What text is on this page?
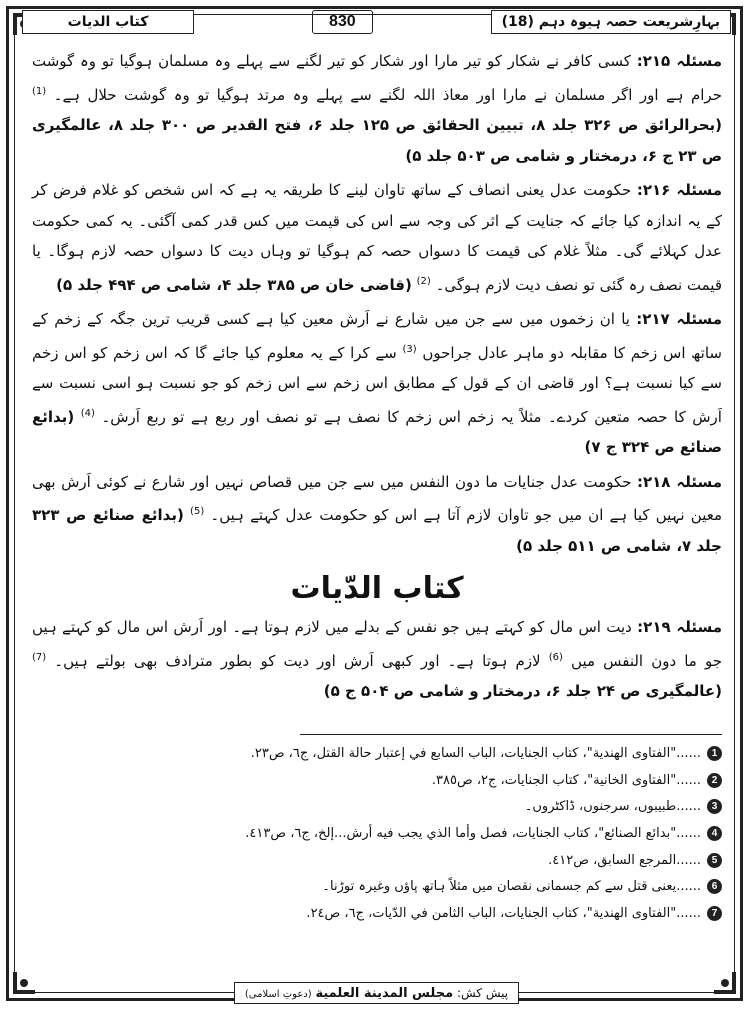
بہارِشریعت حصہ ہیوہ دہم (18)
830
کتاب الدیات

مسئلہ ۲۱۵: کسی کافر نے شکار کو تیر مارا اور شکار کو تیر لگنے سے پہلے وہ مسلمان ہوگیا تو وہ گوشت حرام ہے اور اگر مسلمان نے مارا اور معاذ اللہ لگنے سے پہلے وہ مرتد ہوگیا تو وہ گوشت حلال ہے۔ $^{(1)}$ (بحرالرائق ص ۳۲۶ جلد ۸، تبیین الحقائق ص ۱۲۵ جلد ۶، فتح القدیر ص ۳۰۰ جلد ۸، عالمگیری ص ۲۳ ج ۶، درمختار و شامی ص ۵۰۳ جلد ۵)

مسئلہ ۲۱۶: حکومت عدل یعنی انصاف کے ساتھ تاوان لینے کا طریقہ یہ ہے کہ اس شخص کو غلام فرض کر کے یہ اندازہ کیا جائے کہ جنایت کے اثر کی وجہ سے اس کی قیمت میں کس قدر کمی آگئی۔ یہ کمی حکومت عدل کہلائے گی۔ مثلاً غلام کی قیمت کا دسواں حصہ کم ہوگیا تو وہاں دیت کا دسواں حصہ لازم ہوگا۔ یا قیمت نصف رہ گئی تو نصف دیت لازم ہوگی۔ $^{(2)}$ (قاضی خان ص ۳۸۵ جلد ۴، شامی ص ۴۹۴ جلد ۵)

مسئلہ ۲۱۷: یا ان زخموں میں سے جن میں شارع نے اَرش معین کیا ہے کسی قریب ترین جگہ کے زخم کے ساتھ اس زخم کا مقابلہ دو ماہر عادل جراحوں $^{(3)}$ سے کرا کے یہ معلوم کیا جائے گا کہ اس زخم کو اس زخم سے کیا نسبت ہے؟ اور قاضی ان کے قول کے مطابق اس زخم سے اس زخم کو جو نسبت ہو اسی نسبت سے اَرش کا حصہ متعین کردے۔ مثلاً یہ زخم اس زخم کا نصف ہے تو نصف اور ربع ہے تو ربع اَرش۔ $^{(4)}$ (بدائع صنائع ص ۳۲۴ ج ۷)

مسئلہ ۲۱۸: حکومت عدل جنایات ما دون النفس میں سے جن میں قصاص نہیں اور شارع نے کوئی اَرش بھی معین نہیں کیا ہے ان میں جو تاوان لازم آتا ہے اس کو حکومت عدل کہتے ہیں۔ $^{(5)}$ (بدائع صنائع ص ۳۲۳ جلد ۷، شامی ص ۵۱۱ جلد ۵)

کتاب الدّیات

مسئلہ ۲۱۹: دیت اس مال کو کہتے ہیں جو نفس کے بدلے میں لازم ہوتا ہے۔ اور اَرش اس مال کو کہتے ہیں جو ما دون النفس میں $^{(6)}$ لازم ہوتا ہے۔ اور کبھی اَرش اور دیت کو بطور مترادف بھی بولتے ہیں۔ $^{(7)}$ (عالمگیری ص ۲۴ جلد ۶، درمختار و شامی ص ۵۰۴ ج ۵)

1
......"الفتاوی الهندیة"، کتاب الجنایات، الباب السابع في إعتبار حالة القتل، ج٦، ص٢٣.
2
......"الفتاوی الخانیة"، کتاب الجنایات، ج٢، ص٣٨٥.
3
......طبیبوں، سرجنوں، ڈاکٹروں۔
4
......"بدائع الصنائع"، کتاب الجنایات، فصل وأما الذي یجب فیه أرش...إلخ، ج٦، ص٤١٣.
5
......المرجع السابق، ص٤١٢.
6
......یعنی قتل سے کم جسمانی نقصان میں مثلاً ہاتھ پاؤں وغیرہ توڑنا۔
7
......"الفتاوی الهندیة"، کتاب الجنایات، الباب الثامن في الدّیات، ج٦، ص٢٤.
پیش کش: مجلس المدینة العلمیة (دعوتِ اسلامی)
